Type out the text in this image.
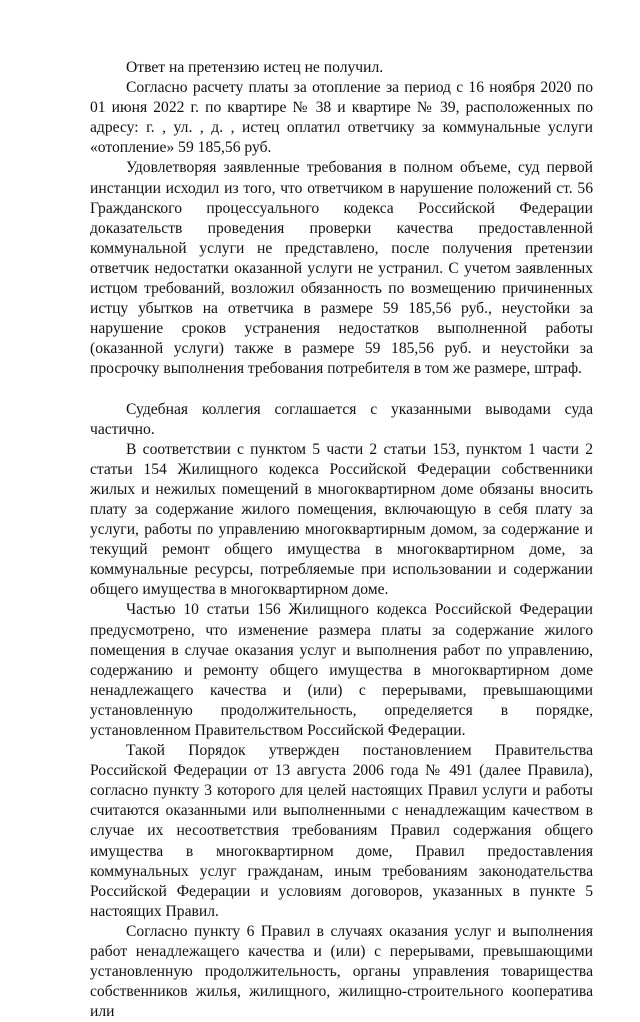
Ответ на претензию истец не получил.

Согласно расчету платы за отопление за период с 16 ноября 2020 по 01 июня 2022 г. по квартире № 38 и квартире № 39, расположенных по адресу: г. , ул. , д. , истец оплатил ответчику за коммунальные услуги «отопление» 59 185,56 руб.

Удовлетворяя заявленные требования в полном объеме, суд первой инстанции исходил из того, что ответчиком в нарушение положений ст. 56 Гражданского процессуального кодекса Российской Федерации доказательств проведения проверки качества предоставленной коммунальной услуги не представлено, после получения претензии ответчик недостатки оказанной услуги не устранил. С учетом заявленных истцом требований, возложил обязанность по возмещению причиненных истцу убытков на ответчика в размере 59 185,56 руб., неустойки за нарушение сроков устранения недостатков выполненной работы (оказанной услуги) также в размере 59 185,56 руб. и неустойки за просрочку выполнения требования потребителя в том же размере, штраф.

Судебная коллегия соглашается с указанными выводами суда частично.

В соответствии с пунктом 5 части 2 статьи 153, пунктом 1 части 2 статьи 154 Жилищного кодекса Российской Федерации собственники жилых и нежилых помещений в многоквартирном доме обязаны вносить плату за содержание жилого помещения, включающую в себя плату за услуги, работы по управлению многоквартирным домом, за содержание и текущий ремонт общего имущества в многоквартирном доме, за коммунальные ресурсы, потребляемые при использовании и содержании общего имущества в многоквартирном доме.

Частью 10 статьи 156 Жилищного кодекса Российской Федерации предусмотрено, что изменение размера платы за содержание жилого помещения в случае оказания услуг и выполнения работ по управлению, содержанию и ремонту общего имущества в многоквартирном доме ненадлежащего качества и (или) с перерывами, превышающими установленную продолжительность, определяется в порядке, установленном Правительством Российской Федерации.

Такой Порядок утвержден постановлением Правительства Российской Федерации от 13 августа 2006 года № 491 (далее Правила), согласно пункту 3 которого для целей настоящих Правил услуги и работы считаются оказанными или выполненными с ненадлежащим качеством в случае их несоответствия требованиям Правил содержания общего имущества в многоквартирном доме, Правил предоставления коммунальных услуг гражданам, иным требованиям законодательства Российской Федерации и условиям договоров, указанных в пункте 5 настоящих Правил.

Согласно пункту 6 Правил в случаях оказания услуг и выполнения работ ненадлежащего качества и (или) с перерывами, превышающими установленную продолжительность, органы управления товарищества собственников жилья, жилищного, жилищно-строительного кооператива или
